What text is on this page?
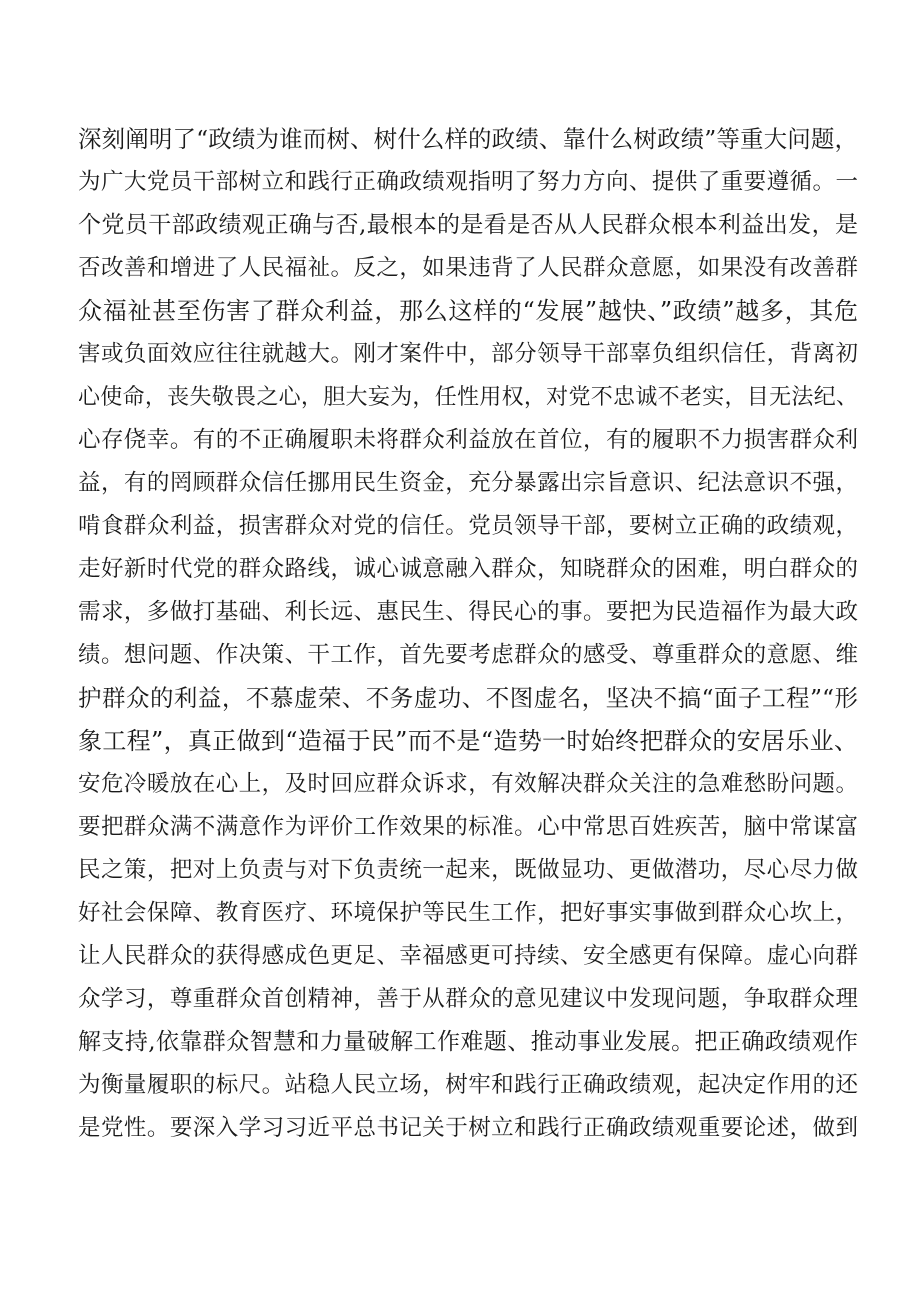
深刻阐明了“政绩为谁而树、树什么样的政绩、靠什么树政绩”等重大问题，
为广大党员干部树立和践行正确政绩观指明了努力方向、提供了重要遵循。一
个党员干部政绩观正确与否,最根本的是看是否从人民群众根本利益出发，是
否改善和增进了人民福祉。反之，如果违背了人民群众意愿，如果没有改善群
众福祉甚至伤害了群众利益，那么这样的“发展”越快、”政绩”越多，其危
害或负面效应往往就越大。刚才案件中，部分领导干部辜负组织信任，背离初
心使命，丧失敬畏之心，胆大妄为，任性用权，对党不忠诚不老实，目无法纪、
心存侥幸。有的不正确履职未将群众利益放在首位，有的履职不力损害群众利
益，有的罔顾群众信任挪用民生资金，充分暴露出宗旨意识、纪法意识不强，
啃食群众利益，损害群众对党的信任。党员领导干部，要树立正确的政绩观，
走好新时代党的群众路线，诚心诚意融入群众，知晓群众的困难，明白群众的
需求，多做打基础、利长远、惠民生、得民心的事。要把为民造福作为最大政
绩。想问题、作决策、干工作，首先要考虑群众的感受、尊重群众的意愿、维
护群众的利益，不慕虚荣、不务虚功、不图虚名，坚决不搞“面子工程”“形
象工程”，真正做到“造福于民”而不是“造势一时始终把群众的安居乐业、
安危冷暖放在心上，及时回应群众诉求，有效解决群众关注的急难愁盼问题。
要把群众满不满意作为评价工作效果的标准。心中常思百姓疾苦，脑中常谋富
民之策，把对上负责与对下负责统一起来，既做显功、更做潜功，尽心尽力做
好社会保障、教育医疗、环境保护等民生工作，把好事实事做到群众心坎上，
让人民群众的获得感成色更足、幸福感更可持续、安全感更有保障。虚心向群
众学习，尊重群众首创精神，善于从群众的意见建议中发现问题，争取群众理
解支持,依靠群众智慧和力量破解工作难题、推动事业发展。把正确政绩观作
为衡量履职的标尺。站稳人民立场，树牢和践行正确政绩观，起决定作用的还
是党性。要深入学习习近平总书记关于树立和践行正确政绩观重要论述，做到
